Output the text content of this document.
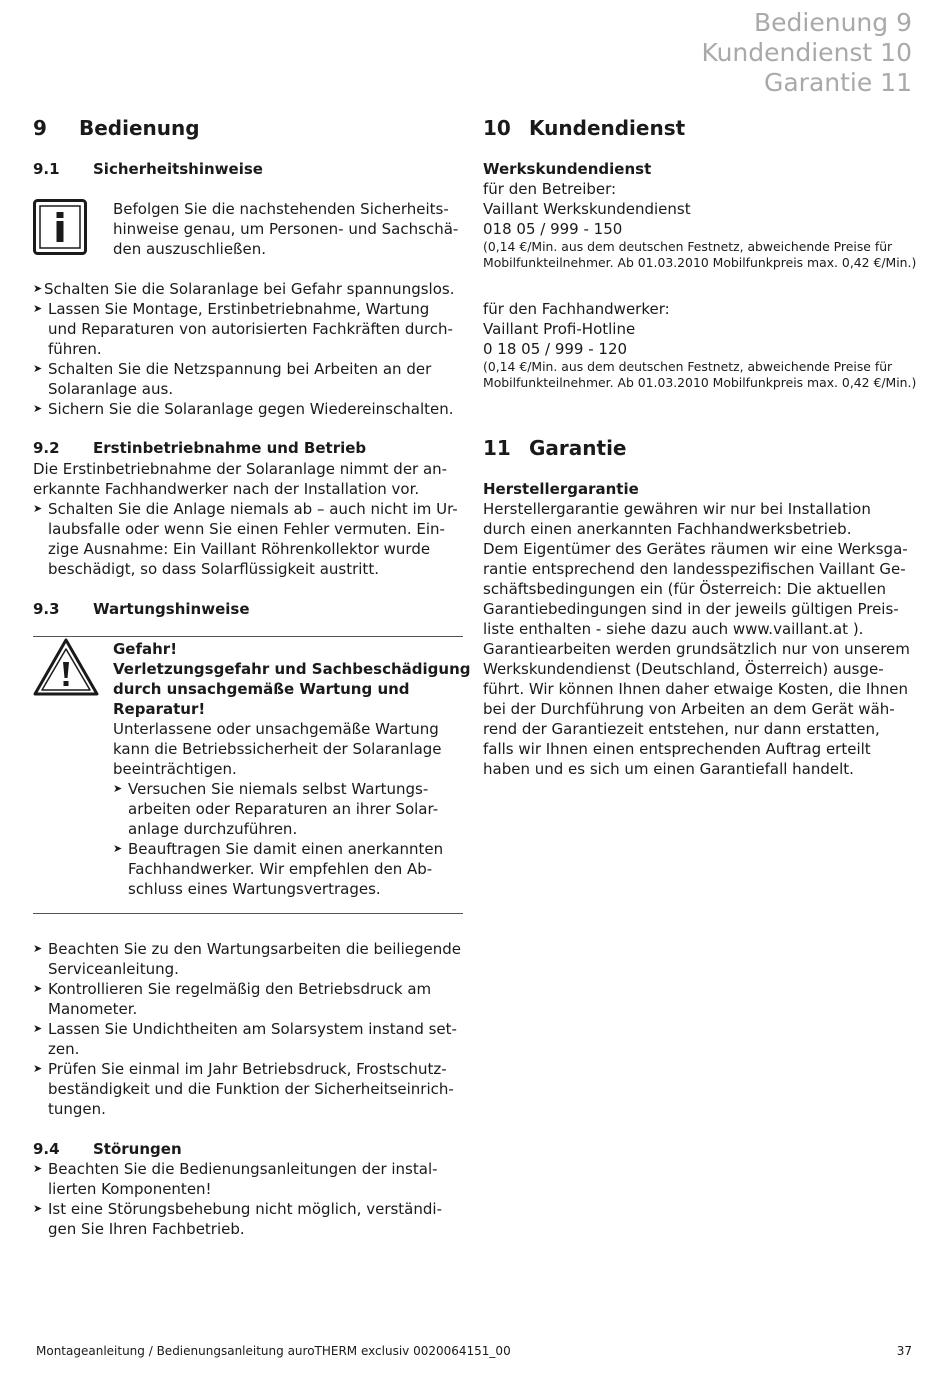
Bedienung 9
Kundendienst 10
Garantie 11
9 Bedienung
9.1 Sicherheitshinweise
Befolgen Sie die nachstehenden Sicherheits-
hinweise genau, um Personen- und Sachschä-
den auszuschließen.
➤ Schalten Sie die Solaranlage bei Gefahr spannungslos.
➤ Lassen Sie Montage, Erstinbetriebnahme, Wartung
und Reparaturen von autorisierten Fachkräften durch-
führen.
➤ Schalten Sie die Netzspannung bei Arbeiten an der
Solaranlage aus.
➤ Sichern Sie die Solaranlage gegen Wiedereinschalten.
9.2 Erstinbetriebnahme und Betrieb
Die Erstinbetriebnahme der Solaranlage nimmt der an-
erkannte Fachhandwerker nach der Installation vor.
➤ Schalten Sie die Anlage niemals ab – auch nicht im Ur-
laubsfalle oder wenn Sie einen Fehler vermuten. Ein-
zige Ausnahme: Ein Vaillant Röhrenkollektor wurde
beschädigt, so dass Solarflüssigkeit austritt.
9.3 Wartungshinweise
Gefahr!
Verletzungsgefahr und Sachbeschädigung
durch unsachgemäße Wartung und
Reparatur!
Unterlassene oder unsachgemäße Wartung
kann die Betriebssicherheit der Solaranlage
beeinträchtigen.
➤ Versuchen Sie niemals selbst Wartungs-
arbeiten oder Reparaturen an ihrer Solar-
anlage durchzuführen.
➤ Beauftragen Sie damit einen anerkannten
Fachhandwerker. Wir empfehlen den Ab-
schluss eines Wartungsvertrages.
➤ Beachten Sie zu den Wartungsarbeiten die beiliegende
Serviceanleitung.
➤ Kontrollieren Sie regelmäßig den Betriebsdruck am
Manometer.
➤ Lassen Sie Undichtheiten am Solarsystem instand set-
zen.
➤ Prüfen Sie einmal im Jahr Betriebsdruck, Frostschutz-
beständigkeit und die Funktion der Sicherheitseinrich-
tungen.
9.4 Störungen
➤ Beachten Sie die Bedienungsanleitungen der instal-
lierten Komponenten!
➤ Ist eine Störungsbehebung nicht möglich, verständi-
gen Sie Ihren Fachbetrieb.
10 Kundendienst
Werkskundendienst
für den Betreiber:
Vaillant Werkskundendienst
018 05 / 999 - 150
(0,14 €/Min. aus dem deutschen Festnetz, abweichende Preise für
Mobilfunkteilnehmer. Ab 01.03.2010 Mobilfunkpreis max. 0,42 €/Min.)
für den Fachhandwerker:
Vaillant Profi-Hotline
0 18 05 / 999 - 120
(0,14 €/Min. aus dem deutschen Festnetz, abweichende Preise für
Mobilfunkteilnehmer. Ab 01.03.2010 Mobilfunkpreis max. 0,42 €/Min.)
11 Garantie
Herstellergarantie
Herstellergarantie gewähren wir nur bei Installation
durch einen anerkannten Fachhandwerksbetrieb.
Dem Eigentümer des Gerätes räumen wir eine Werksga-
rantie entsprechend den landesspezifischen Vaillant Ge-
schäftsbedingungen ein (für Österreich: Die aktuellen
Garantiebedingungen sind in der jeweils gültigen Preis-
liste enthalten - siehe dazu auch www.vaillant.at ).
Garantiearbeiten werden grundsätzlich nur von unserem
Werkskundendienst (Deutschland, Österreich) ausge-
führt. Wir können Ihnen daher etwaige Kosten, die Ihnen
bei der Durchführung von Arbeiten an dem Gerät wäh-
rend der Garantiezeit entstehen, nur dann erstatten,
falls wir Ihnen einen entsprechenden Auftrag erteilt
haben und es sich um einen Garantiefall handelt.
Montageanleitung / Bedienungsanleitung auroTHERM exclusiv 0020064151_00	37
